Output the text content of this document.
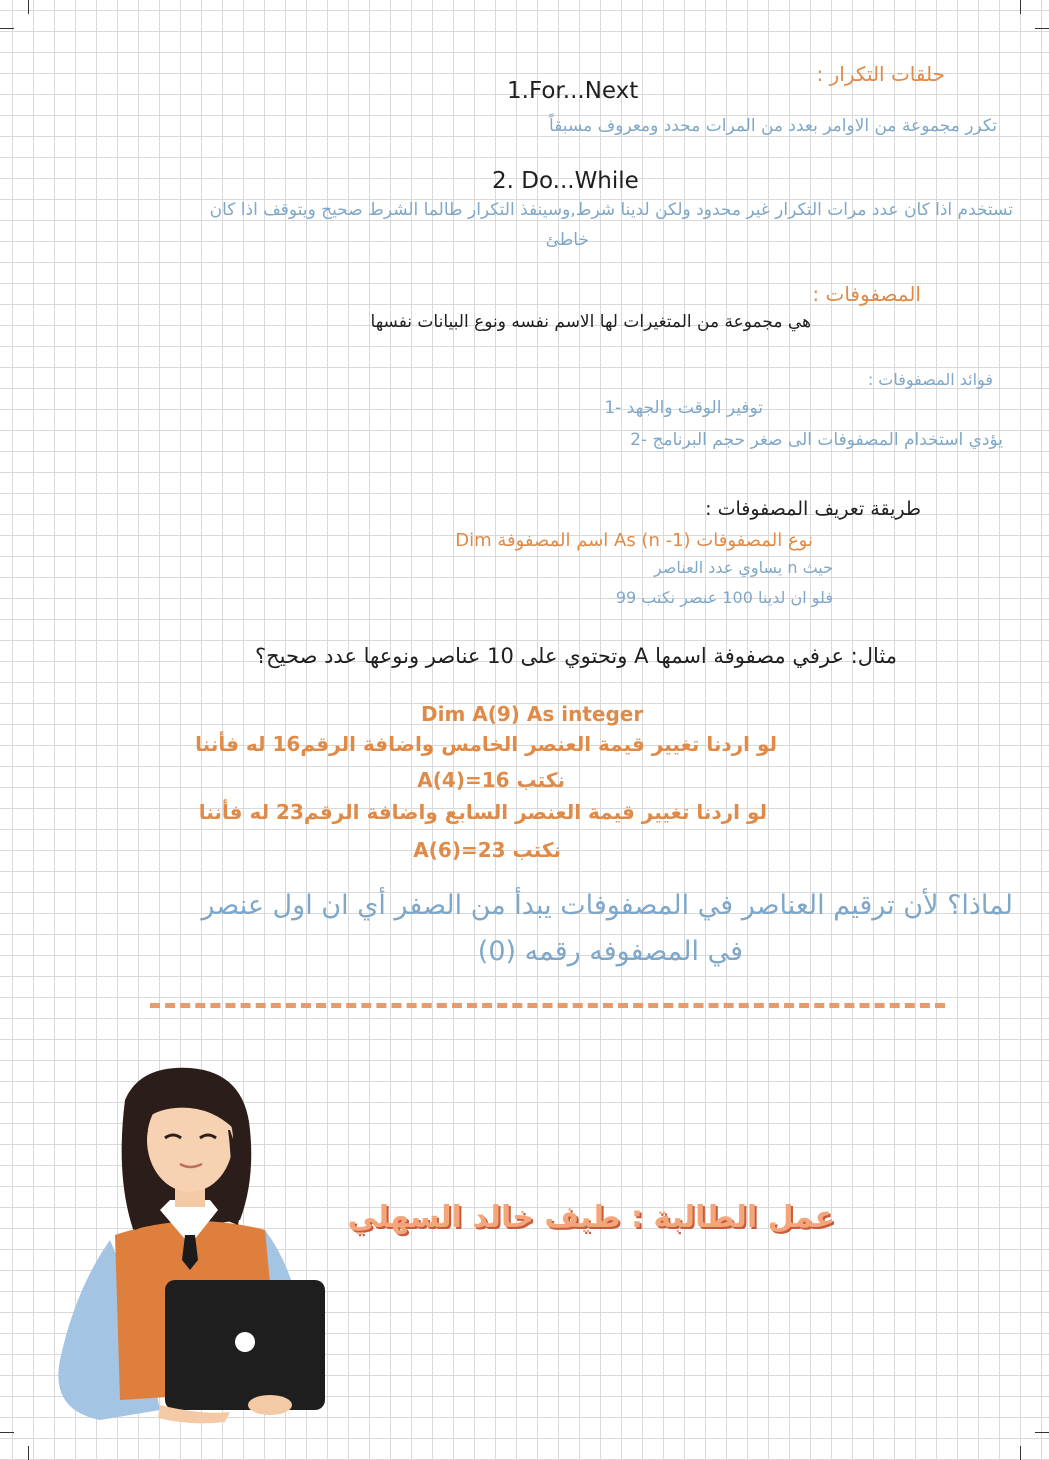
حلقات التكرار :

1.For...Next

تكرر مجموعة من الاوامر بعدد من المرات محدد ومعروف مسبقاً

2. Do...While

تستخدم اذا كان عدد مرات التكرار غير محدود ولكن لدينا شرط,وسينفذ التكرار طالما الشرط صحيح ويتوقف اذا كان

خاطئ

المصفوفات :

هي مجموعة من المتغيرات لها الاسم نفسه ونوع البيانات نفسها

فوائد المصفوفات :

توفير الوقت والجهد -1

يؤدي استخدام المصفوفات الى صغر حجم البرنامج -2

طريقة تعريف المصفوفات :

نوع المصفوفات As (n -1) اسم المصفوفة Dim

حيث n يساوي عدد العناصر

فلو ان لدينا 100 عنصر نكتب 99

مثال: عرفي مصفوفة اسمها A وتحتوي على 10 عناصر ونوعها عدد صحيح؟

Dim A(9) As integer

لو اردنا تغيير قيمة العنصر الخامس واضافة الرقم16 له فأننا

نكتب A(4)=16

لو اردنا تغيير قيمة العنصر السابع واضافة الرقم23 له فأننا

نكتب A(6)=23

لماذا؟ لأن ترقيم العناصر في المصفوفات يبدأ من الصفر أي ان اول عنصر

في المصفوفه رقمه (0)

عمل الطالبة : طيف خالد السهلي
